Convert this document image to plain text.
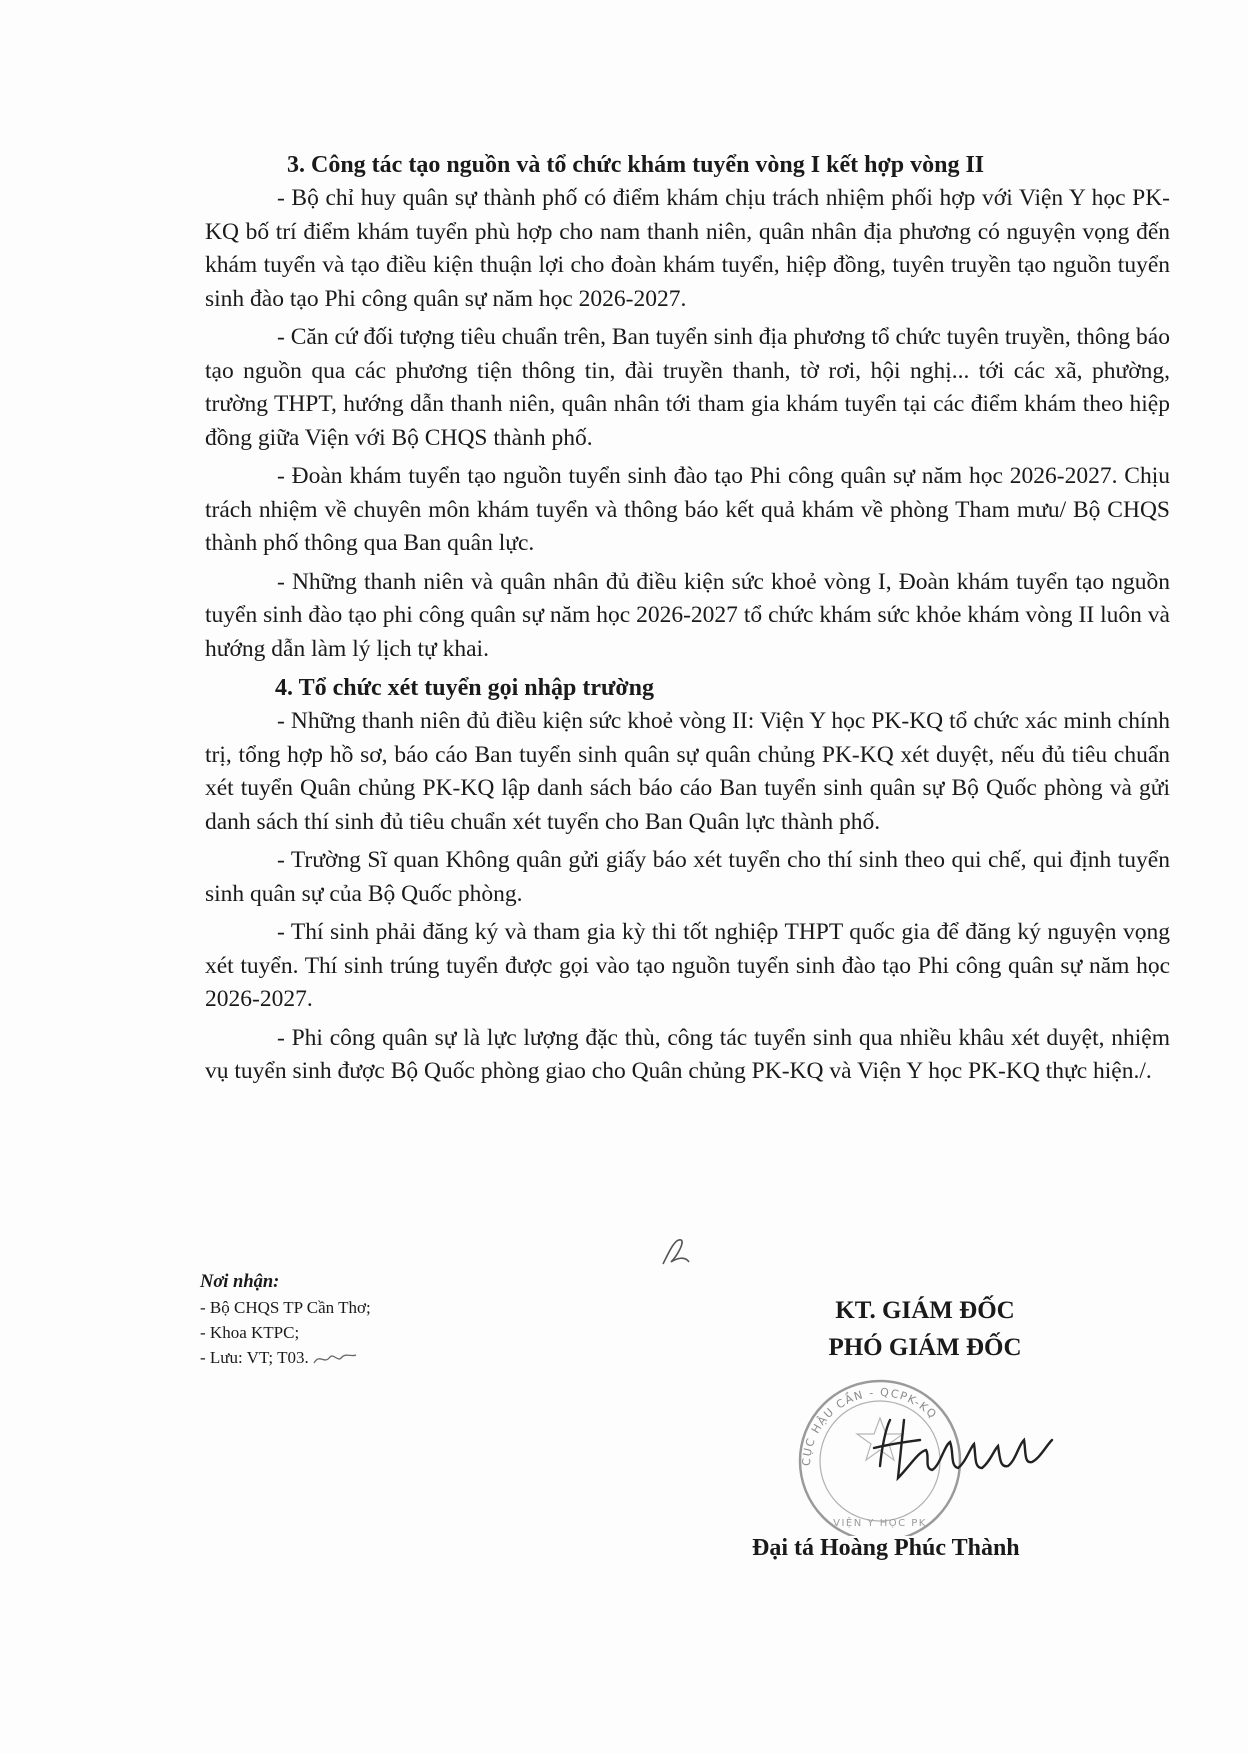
3. Công tác tạo nguồn và tổ chức khám tuyển vòng I kết hợp vòng II

- Bộ chỉ huy quân sự thành phố có điểm khám chịu trách nhiệm phối hợp với Viện Y học PK-KQ bố trí điểm khám tuyển phù hợp cho nam thanh niên, quân nhân địa phương có nguyện vọng đến khám tuyển và tạo điều kiện thuận lợi cho đoàn khám tuyển, hiệp đồng, tuyên truyền tạo nguồn tuyển sinh đào tạo Phi công quân sự năm học 2026-2027.

- Căn cứ đối tượng tiêu chuẩn trên, Ban tuyển sinh địa phương tổ chức tuyên truyền, thông báo tạo nguồn qua các phương tiện thông tin, đài truyền thanh, tờ rơi, hội nghị... tới các xã, phường, trường THPT, hướng dẫn thanh niên, quân nhân tới tham gia khám tuyển tại các điểm khám theo hiệp đồng giữa Viện với Bộ CHQS thành phố.

- Đoàn khám tuyển tạo nguồn tuyển sinh đào tạo Phi công quân sự năm học 2026-2027. Chịu trách nhiệm về chuyên môn khám tuyển và thông báo kết quả khám về phòng Tham mưu/ Bộ CHQS thành phố thông qua Ban quân lực.

- Những thanh niên và quân nhân đủ điều kiện sức khoẻ vòng I, Đoàn khám tuyển tạo nguồn tuyển sinh đào tạo phi công quân sự năm học 2026-2027 tổ chức khám sức khỏe khám vòng II luôn và hướng dẫn làm lý lịch tự khai.

4. Tổ chức xét tuyển gọi nhập trường

- Những thanh niên đủ điều kiện sức khoẻ vòng II: Viện Y học PK-KQ tổ chức xác minh chính trị, tổng hợp hồ sơ, báo cáo Ban tuyển sinh quân sự quân chủng PK-KQ xét duyệt, nếu đủ tiêu chuẩn xét tuyển Quân chủng PK-KQ lập danh sách báo cáo Ban tuyển sinh quân sự Bộ Quốc phòng và gửi danh sách thí sinh đủ tiêu chuẩn xét tuyển cho Ban Quân lực thành phố.

- Trường Sĩ quan Không quân gửi giấy báo xét tuyển cho thí sinh theo qui chế, qui định tuyển sinh quân sự của Bộ Quốc phòng.

- Thí sinh phải đăng ký và tham gia kỳ thi tốt nghiệp THPT quốc gia để đăng ký nguyện vọng xét tuyển. Thí sinh trúng tuyển được gọi vào tạo nguồn tuyển sinh đào tạo Phi công quân sự năm học 2026-2027.

- Phi công quân sự là lực lượng đặc thù, công tác tuyển sinh qua nhiều khâu xét duyệt, nhiệm vụ tuyển sinh được Bộ Quốc phòng giao cho Quân chủng PK-KQ và Viện Y học PK-KQ thực hiện./.

Nơi nhận:
- Bộ CHQS TP Cần Thơ;
- Khoa KTPC;
- Lưu: VT; T03.

KT. GIÁM ĐỐC

PHÓ GIÁM ĐỐC

CỤC HẬU CẦN - QCPK-KQ
VIỆN Y HỌC PK

Đại tá Hoàng Phúc Thành
